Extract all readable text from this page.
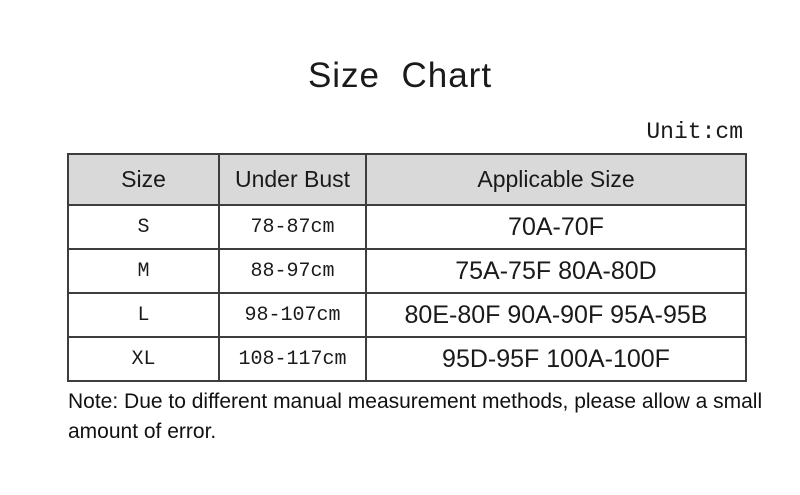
Size  Chart
Unit:cm
Size	Under Bust	Applicable Size
S	78-87cm	70A-70F
M	88-97cm	75A-75F 80A-80D
L	98-107cm	80E-80F 90A-90F 95A-95B
XL	108-117cm	95D-95F 100A-100F
Note: Due to different manual measurement methods, please allow a small
amount of error.
